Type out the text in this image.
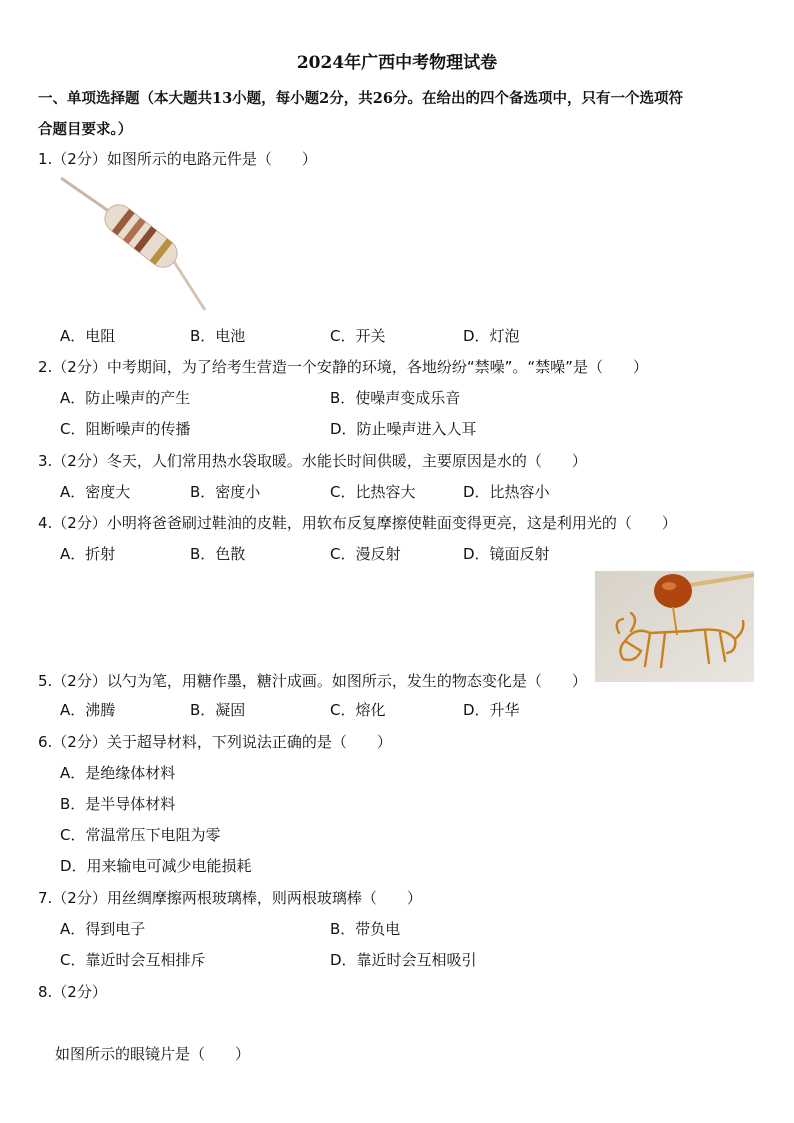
2024年广西中考物理试卷
一、单项选择题（本大题共13小题，每小题2分，共26分。在给出的四个备选项中，只有一个选项符
合题目要求。）
1.（2分）如图所示的电路元件是（　　）
A．电阻	B．电池	C．开关	D．灯泡
2.（2分）中考期间，为了给考生营造一个安静的环境，各地纷纷“禁噪”。“禁噪”是（　　）
A．防止噪声的产生	B．使噪声变成乐音
C．阻断噪声的传播	D．防止噪声进入人耳
3.（2分）冬天，人们常用热水袋取暖。水能长时间供暖，主要原因是水的（　　）
A．密度大	B．密度小	C．比热容大	D．比热容小
4.（2分）小明将爸爸刷过鞋油的皮鞋，用软布反复摩擦使鞋面变得更亮，这是利用光的（　　）
A．折射	B．色散	C．漫反射	D．镜面反射
5.（2分）以勺为笔，用糖作墨，糖汁成画。如图所示，发生的物态变化是（　　）
A．沸腾	B．凝固	C．熔化	D．升华
6.（2分）关于超导材料，下列说法正确的是（　　）
A．是绝缘体材料
B．是半导体材料
C．常温常压下电阻为零
D．用来输电可减少电能损耗
7.（2分）用丝绸摩擦两根玻璃棒，则两根玻璃棒（　　）
A．得到电子	B．带负电
C．靠近时会互相排斥	D．靠近时会互相吸引
8.（2分）
如图所示的眼镜片是（　　）
